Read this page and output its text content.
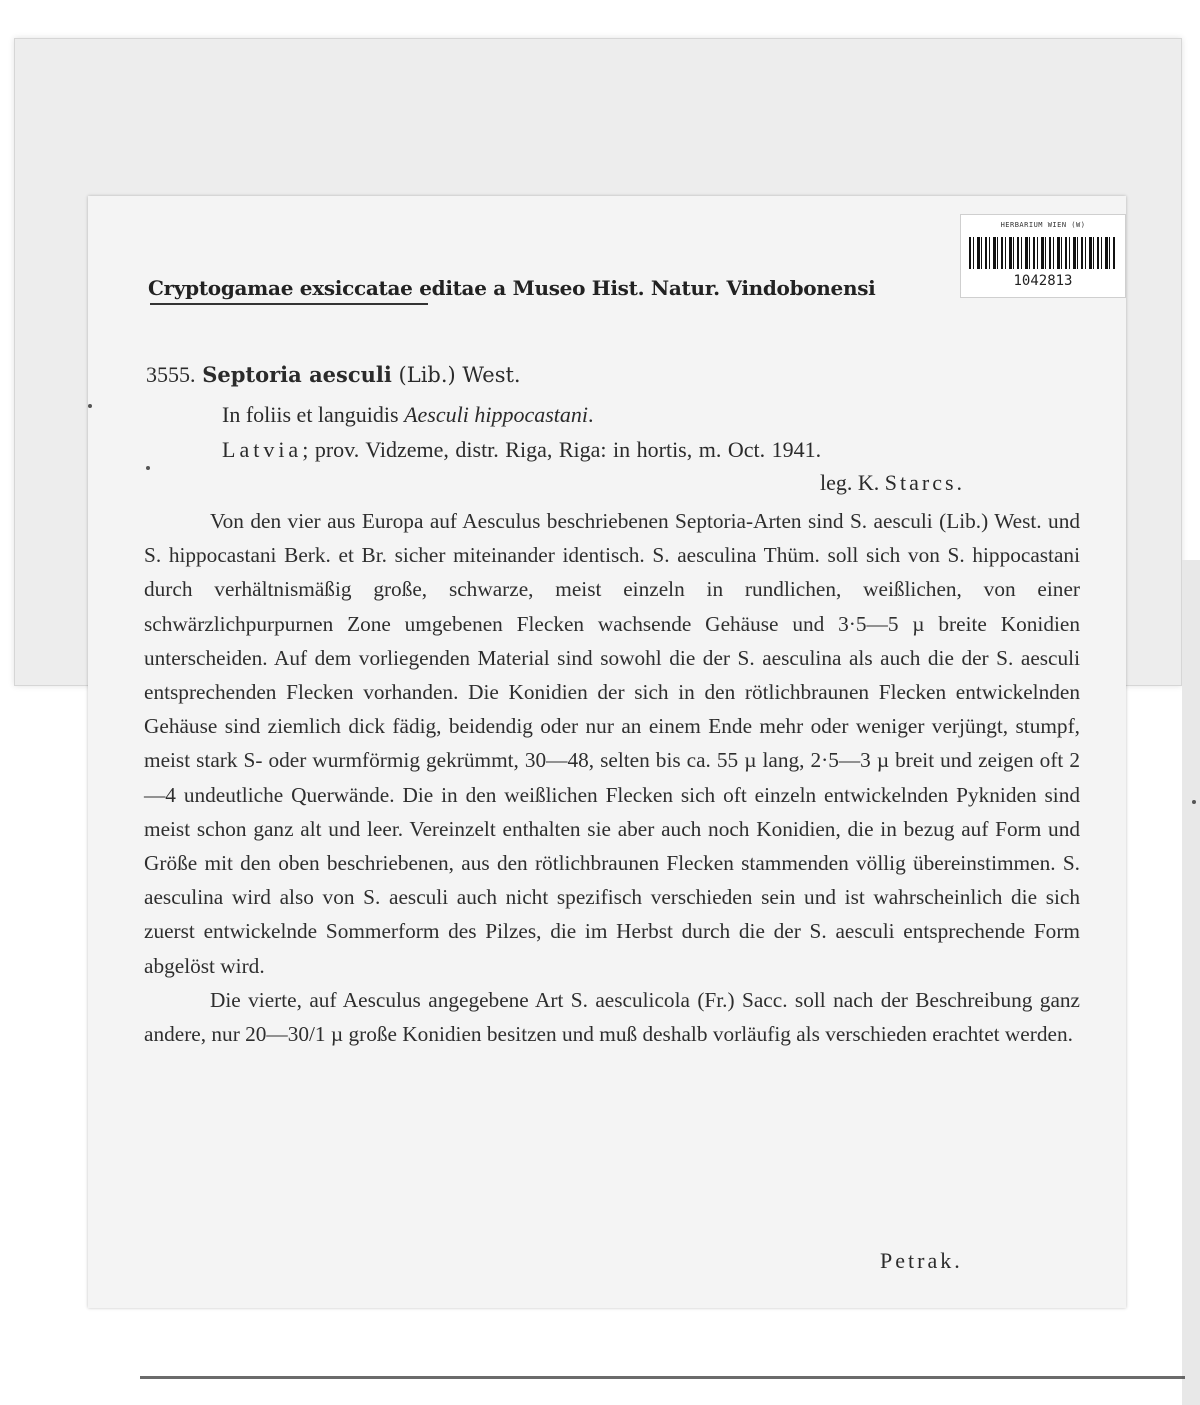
HERBARIUM WIEN (W)
1042813
Cryptogamae exsiccatae editae a Museo Hist. Natur. Vindobonensi
3555. Septoria aesculi (Lib.) West.
In foliis et languidis Aesculi hippocastani.
Latvia; prov. Vidzeme, distr. Riga, Riga: in hortis, m. Oct. 1941.
leg. K. Starcs.

Von den vier aus Europa auf Aesculus beschriebenen Septoria-Arten sind S. aesculi (Lib.) West. und S. hippocastani Berk. et Br. sicher miteinander identisch. S. aesculina Thüm. soll sich von S. hippocastani durch verhältnismäßig große, schwarze, meist einzeln in rundlichen, weißlichen, von einer schwärzlichpurpurnen Zone umgebenen Flecken wachsende Gehäuse und 3·5—5 µ breite Konidien unterscheiden. Auf dem vorliegenden Material sind sowohl die der S. aesculina als auch die der S. aesculi entsprechenden Flecken vorhanden. Die Konidien der sich in den rötlichbraunen Flecken entwickelnden Gehäuse sind ziemlich dick fädig, beidendig oder nur an einem Ende mehr oder weniger verjüngt, stumpf, meist stark S- oder wurmförmig gekrümmt, 30—48, selten bis ca. 55 µ lang, 2·5—3 µ breit und zeigen oft 2—4 undeutliche Querwände. Die in den weißlichen Flecken sich oft einzeln entwickelnden Pykniden sind meist schon ganz alt und leer. Vereinzelt enthalten sie aber auch noch Konidien, die in bezug auf Form und Größe mit den oben beschriebenen, aus den rötlichbraunen Flecken stammenden völlig übereinstimmen. S. aesculina wird also von S. aesculi auch nicht spezifisch verschieden sein und ist wahrscheinlich die sich zuerst entwickelnde Sommerform des Pilzes, die im Herbst durch die der S. aesculi entsprechende Form abgelöst wird.

Die vierte, auf Aesculus angegebene Art S. aesculicola (Fr.) Sacc. soll nach der Beschreibung ganz andere, nur 20—30/1 µ große Konidien besitzen und muß deshalb vorläufig als verschieden erachtet werden.

Petrak.
